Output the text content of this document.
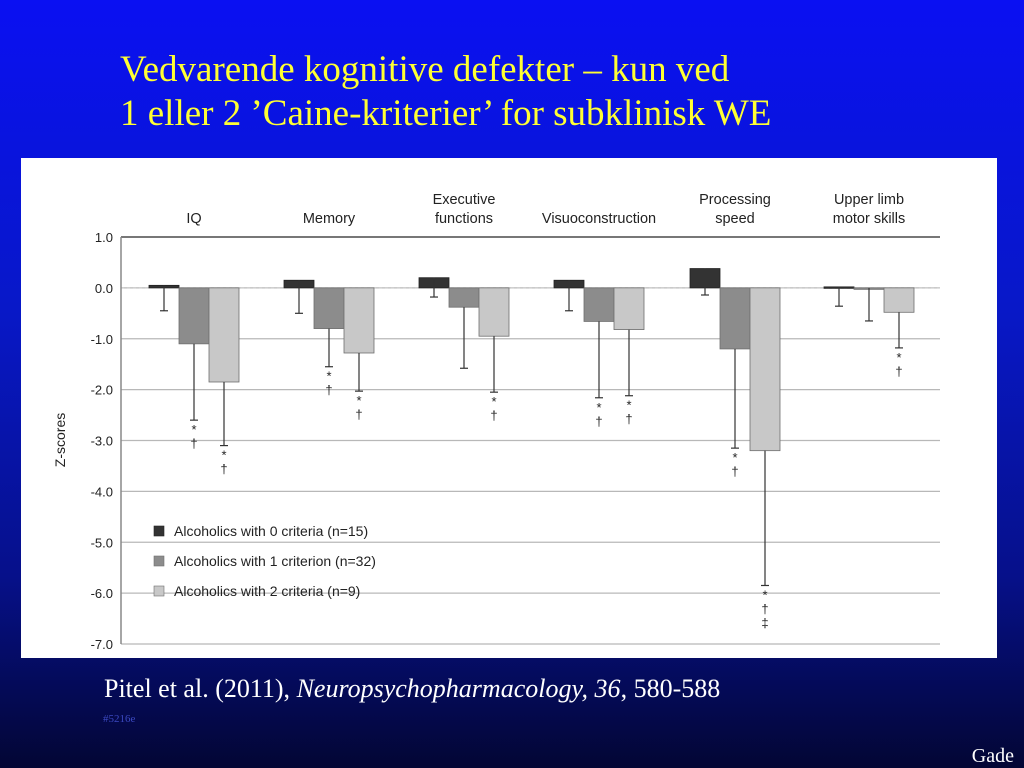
Vedvarende kognitive defekter – kun ved
1 eller 2 ’Caine-kriterier’ for subklinisk WE
1.0
0.0
-1.0
-2.0
-3.0
-4.0
-5.0
-6.0
-7.0
Z-scores
IQ	Memory
Executive
functions	Visuoconstruction
Processing
speed
Upper limb
motor skills
*
†
*
†
*
†
*
†
*
†
*
†
*
†
*
†
*
†
‡
*
†
Alcoholics with 0 criteria (n=15)
Alcoholics with 1 criterion (n=32)
Alcoholics with 2 criteria (n=9)
Pitel et al. (2011), Neuropsychopharmacology, 36, 580-588
#5216e
Gade
